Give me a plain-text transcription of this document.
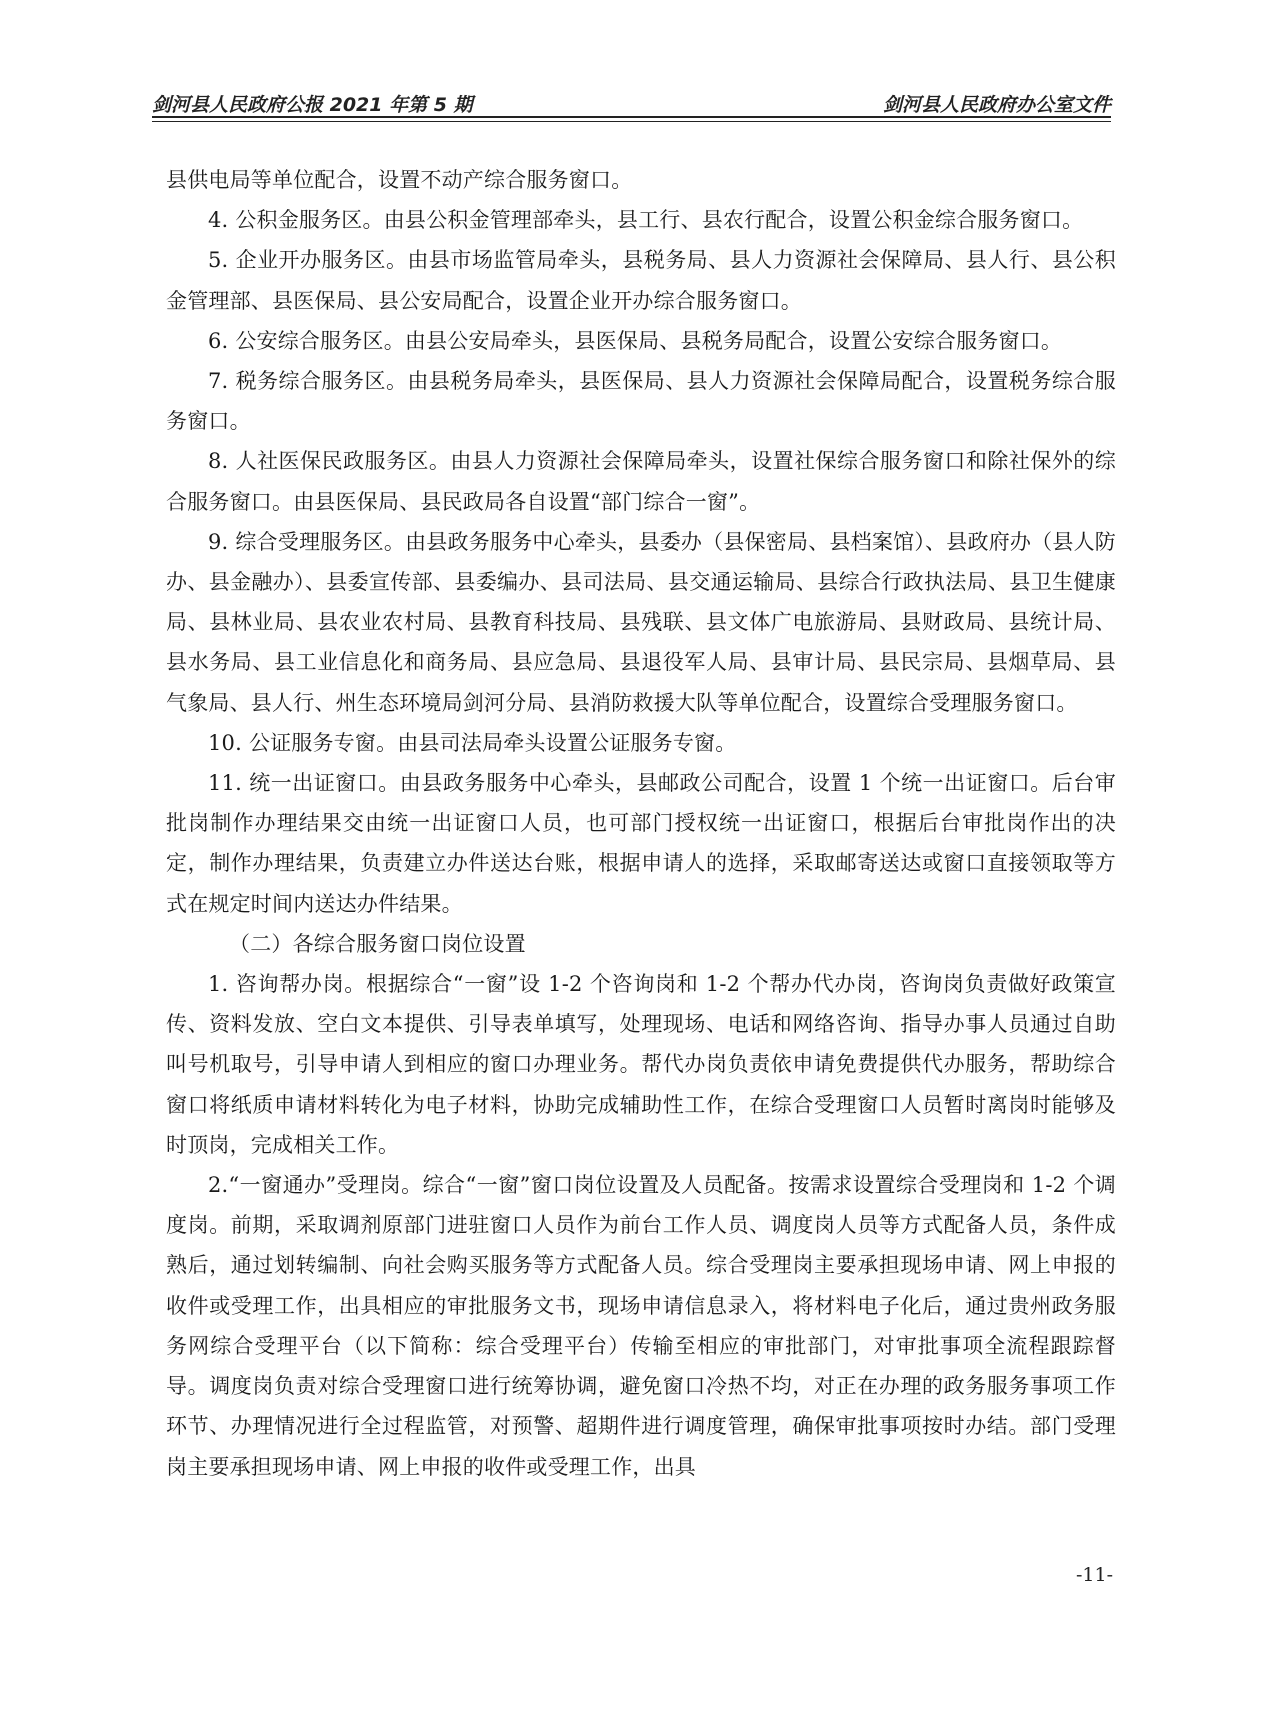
剑河县人民政府公报 2021 年第 5 期	剑河县人民政府办公室文件

县供电局等单位配合，设置不动产综合服务窗口。

4. 公积金服务区。由县公积金管理部牵头，县工行、县农行配合，设置公积金综合服务窗口。

5. 企业开办服务区。由县市场监管局牵头，县税务局、县人力资源社会保障局、县人行、县公积金管理部、县医保局、县公安局配合，设置企业开办综合服务窗口。

6. 公安综合服务区。由县公安局牵头，县医保局、县税务局配合，设置公安综合服务窗口。

7. 税务综合服务区。由县税务局牵头，县医保局、县人力资源社会保障局配合，设置税务综合服务窗口。

8. 人社医保民政服务区。由县人力资源社会保障局牵头，设置社保综合服务窗口和除社保外的综合服务窗口。由县医保局、县民政局各自设置“部门综合一窗”。

9. 综合受理服务区。由县政务服务中心牵头，县委办（县保密局、县档案馆）、县政府办（县人防办、县金融办）、县委宣传部、县委编办、县司法局、县交通运输局、县综合行政执法局、县卫生健康局、县林业局、县农业农村局、县教育科技局、县残联、县文体广电旅游局、县财政局、县统计局、县水务局、县工业信息化和商务局、县应急局、县退役军人局、县审计局、县民宗局、县烟草局、县气象局、县人行、州生态环境局剑河分局、县消防救援大队等单位配合，设置综合受理服务窗口。

10. 公证服务专窗。由县司法局牵头设置公证服务专窗。

11. 统一出证窗口。由县政务服务中心牵头，县邮政公司配合，设置 1 个统一出证窗口。后台审批岗制作办理结果交由统一出证窗口人员，也可部门授权统一出证窗口，根据后台审批岗作出的决定，制作办理结果，负责建立办件送达台账，根据申请人的选择，采取邮寄送达或窗口直接领取等方式在规定时间内送达办件结果。

（二）各综合服务窗口岗位设置

1. 咨询帮办岗。根据综合“一窗”设 1-2 个咨询岗和 1-2 个帮办代办岗，咨询岗负责做好政策宣传、资料发放、空白文本提供、引导表单填写，处理现场、电话和网络咨询、指导办事人员通过自助叫号机取号，引导申请人到相应的窗口办理业务。帮代办岗负责依申请免费提供代办服务，帮助综合窗口将纸质申请材料转化为电子材料，协助完成辅助性工作，在综合受理窗口人员暂时离岗时能够及时顶岗，完成相关工作。

2.“一窗通办”受理岗。综合“一窗”窗口岗位设置及人员配备。按需求设置综合受理岗和 1-2 个调度岗。前期，采取调剂原部门进驻窗口人员作为前台工作人员、调度岗人员等方式配备人员，条件成熟后，通过划转编制、向社会购买服务等方式配备人员。综合受理岗主要承担现场申请、网上申报的收件或受理工作，出具相应的审批服务文书，现场申请信息录入，将材料电子化后，通过贵州政务服务网综合受理平台（以下简称：综合受理平台）传输至相应的审批部门，对审批事项全流程跟踪督导。调度岗负责对综合受理窗口进行统筹协调，避免窗口冷热不均，对正在办理的政务服务事项工作环节、办理情况进行全过程监管，对预警、超期件进行调度管理，确保审批事项按时办结。部门受理岗主要承担现场申请、网上申报的收件或受理工作，出具

-11-
